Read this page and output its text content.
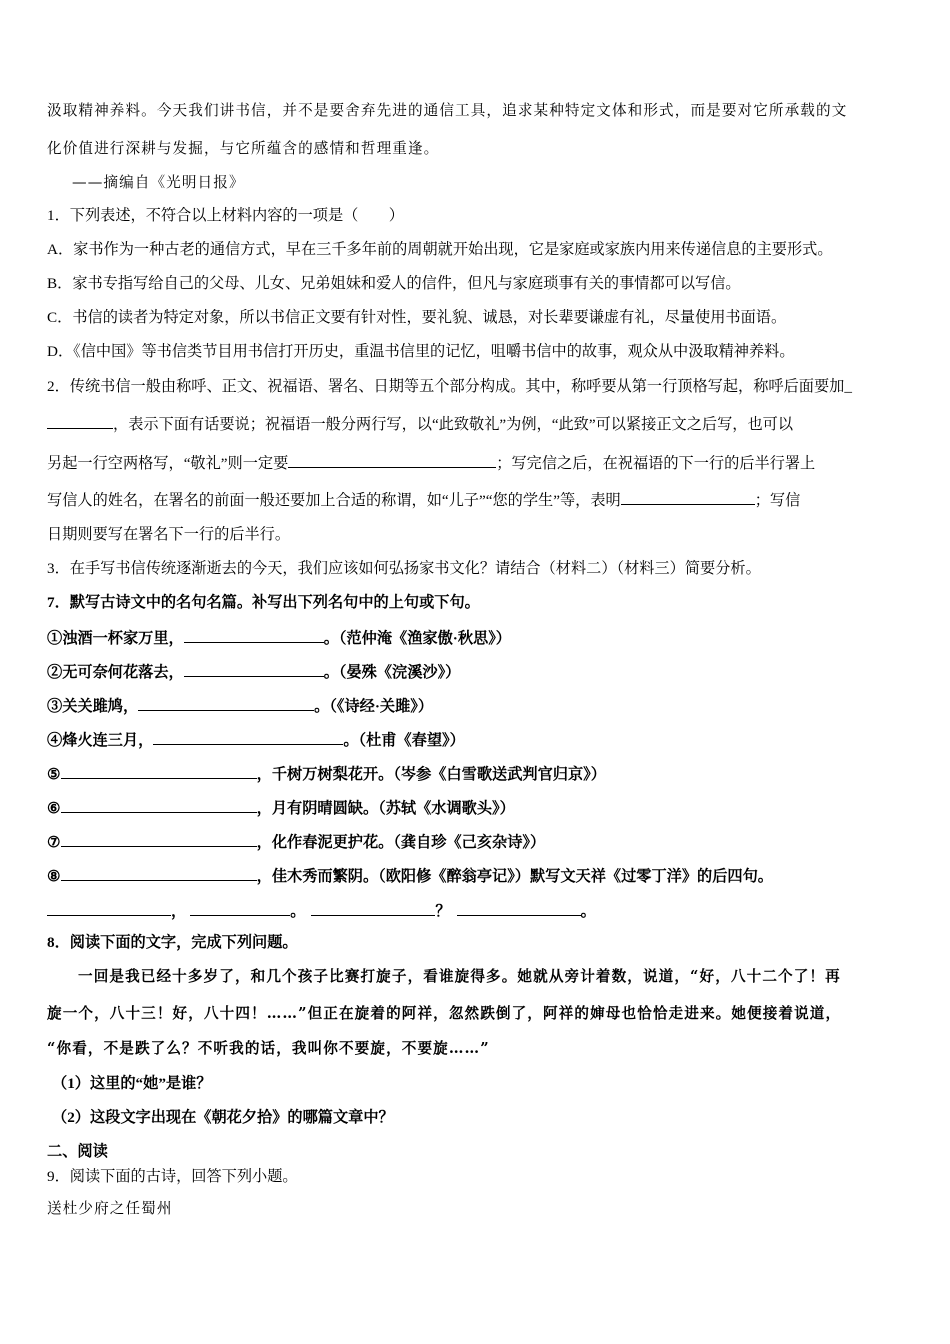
汲取精神养料。今天我们讲书信，并不是要舍弃先进的通信工具，追求某种特定文体和形式，而是要对它所承载的文
化价值进行深耕与发掘，与它所蕴含的感情和哲理重逢。
——摘编自《光明日报》
1．下列表述，不符合以上材料内容的一项是（　　）
A．家书作为一种古老的通信方式，早在三千多年前的周朝就开始出现，它是家庭或家族内用来传递信息的主要形式。
B．家书专指写给自己的父母、儿女、兄弟姐妹和爱人的信件，但凡与家庭琐事有关的事情都可以写信。
C．书信的读者为特定对象，所以书信正文要有针对性，要礼貌、诚恳，对长辈要谦虚有礼，尽量使用书面语。
D．《信中国》等书信类节目用书信打开历史，重温书信里的记忆，咀嚼书信中的故事，观众从中汲取精神养料。
2．传统书信一般由称呼、正文、祝福语、署名、日期等五个部分构成。其中，称呼要从第一行顶格写起，称呼后面要加_
，表示下面有话要说；祝福语一般分两行写，以“此致敬礼”为例，“此致”可以紧接正文之后写，也可以
另起一行空两格写，“敬礼”则一定要	；写完信之后，在祝福语的下一行的后半行署上
写信人的姓名，在署名的前面一般还要加上合适的称谓，如“儿子”“您的学生”等，表明	；写信
日期则要写在署名下一行的后半行。
3．在手写书信传统逐渐逝去的今天，我们应该如何弘扬家书文化？请结合（材料二）（材料三）简要分析。
7．默写古诗文中的名句名篇。补写出下列名句中的上句或下句。
①浊酒一杯家万里，	。（范仲淹《渔家傲·秋思》）
②无可奈何花落去，	。（晏殊《浣溪沙》）
③关关雎鸠，	。（《诗经·关雎》）
④烽火连三月，	。（杜甫《春望》）
⑤	，千树万树梨花开。（岑参《白雪歌送武判官归京》）
⑥	，月有阴晴圆缺。（苏轼《水调歌头》）
⑦	，化作春泥更护花。（龚自珍《己亥杂诗》）
⑧	，佳木秀而繁阴。（欧阳修《醉翁亭记》）默写文天祥《过零丁洋》的后四句。
，	。	？	。
8．阅读下面的文字，完成下列问题。
一回是我已经十多岁了，和几个孩子比赛打旋子，看谁旋得多。她就从旁计着数，说道，“好，八十二个了！再
旋一个，八十三！好，八十四！……”但正在旋着的阿祥，忽然跌倒了，阿祥的婶母也恰恰走进来。她便接着说道，
“你看，不是跌了么？不听我的话，我叫你不要旋，不要旋……”
（1）这里的“她”是谁？
（2）这段文字出现在《朝花夕拾》的哪篇文章中？
二、阅读
9．阅读下面的古诗，回答下列小题。
送杜少府之任蜀州
